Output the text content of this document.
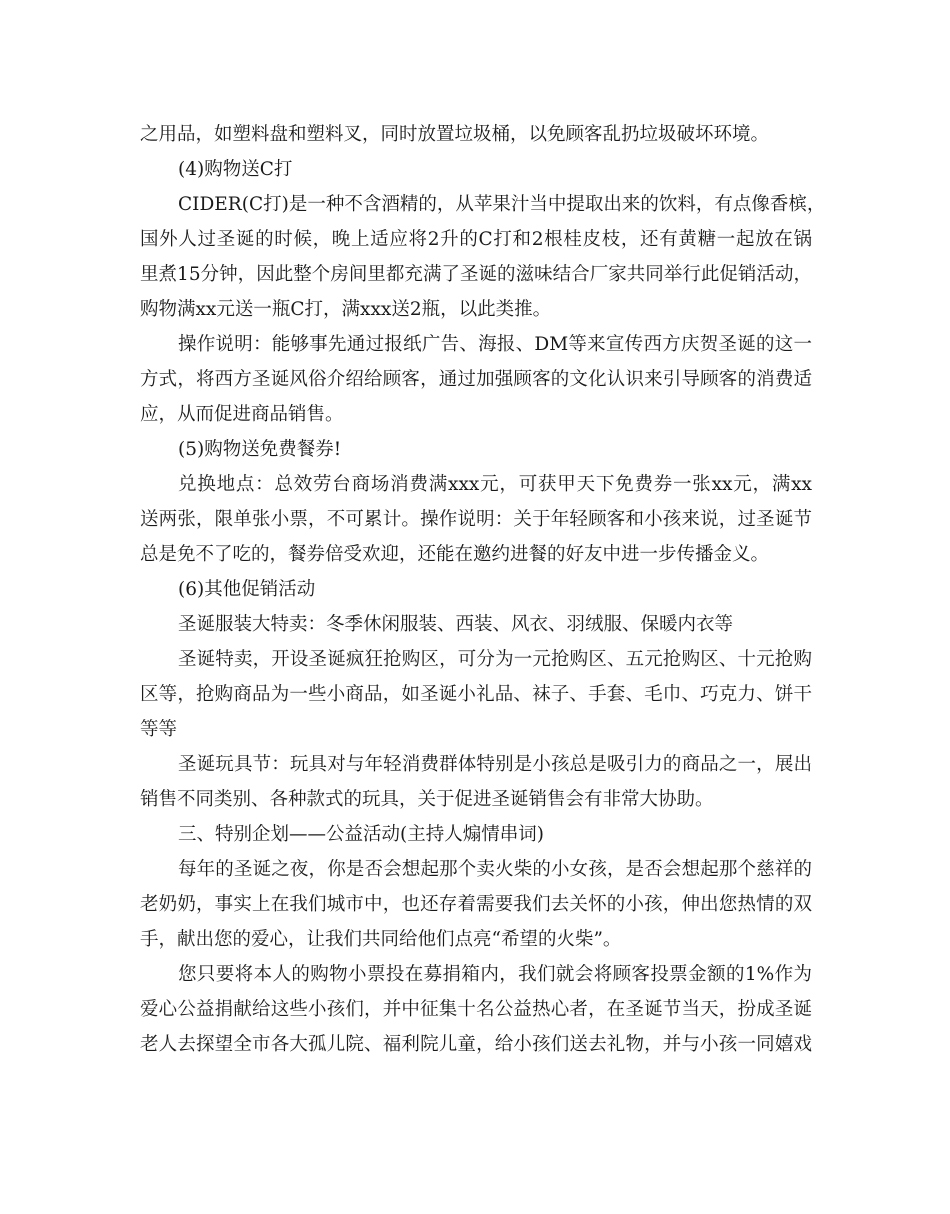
之用品，如塑料盘和塑料叉，同时放置垃圾桶，以免顾客乱扔垃圾破坏环境。
(4)购物送C打
CIDER(C打)是一种不含酒精的，从苹果汁当中提取出来的饮料，有点像香槟，
国外人过圣诞的时候，晚上适应将2升的C打和2根桂皮枝，还有黄糖一起放在锅
里煮15分钟，因此整个房间里都充满了圣诞的滋味结合厂家共同举行此促销活动，
购物满xx元送一瓶C打，满xxx送2瓶，以此类推。
操作说明：能够事先通过报纸广告、海报、DM等来宣传西方庆贺圣诞的这一
方式，将西方圣诞风俗介绍给顾客，通过加强顾客的文化认识来引导顾客的消费适
应，从而促进商品销售。
(5)购物送免费餐券!
兑换地点：总效劳台商场消费满xxx元，可获甲天下免费券一张xx元，满xx
送两张，限单张小票，不可累计。操作说明：关于年轻顾客和小孩来说，过圣诞节
总是免不了吃的，餐券倍受欢迎，还能在邀约进餐的好友中进一步传播金义。
(6)其他促销活动
圣诞服装大特卖：冬季休闲服装、西装、风衣、羽绒服、保暖内衣等
圣诞特卖，开设圣诞疯狂抢购区，可分为一元抢购区、五元抢购区、十元抢购
区等，抢购商品为一些小商品，如圣诞小礼品、袜子、手套、毛巾、巧克力、饼干
等等
圣诞玩具节：玩具对与年轻消费群体特别是小孩总是吸引力的商品之一，展出
销售不同类别、各种款式的玩具，关于促进圣诞销售会有非常大协助。
三、特别企划——公益活动(主持人煽情串词)
每年的圣诞之夜，你是否会想起那个卖火柴的小女孩，是否会想起那个慈祥的
老奶奶，事实上在我们城市中，也还存着需要我们去关怀的小孩，伸出您热情的双
手，献出您的爱心，让我们共同给他们点亮“希望的火柴”。
您只要将本人的购物小票投在募捐箱内，我们就会将顾客投票金额的1%作为
爱心公益捐献给这些小孩们，并中征集十名公益热心者，在圣诞节当天，扮成圣诞
老人去探望全市各大孤儿院、福利院儿童，给小孩们送去礼物，并与小孩一同嬉戏
